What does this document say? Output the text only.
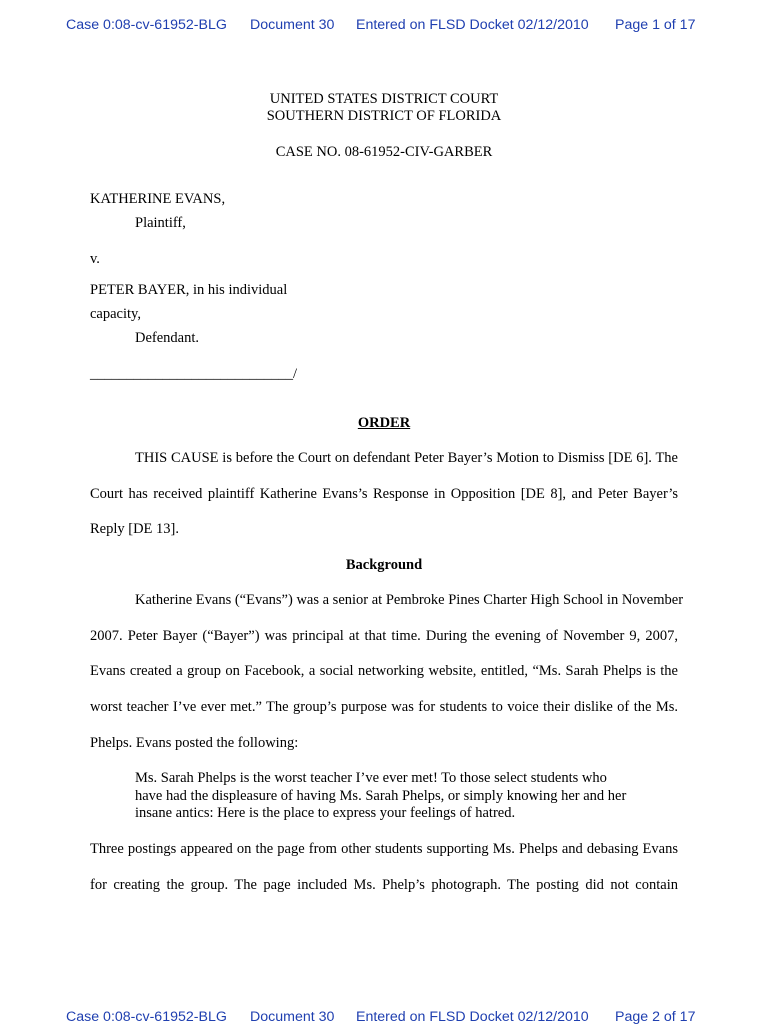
Case 0:08-cv-61952-BLG	Document 30	Entered on FLSD Docket 02/12/2010	Page 1 of 17
UNITED STATES DISTRICT COURT
SOUTHERN DISTRICT OF FLORIDA
CASE NO. 08-61952-CIV-GARBER
KATHERINE EVANS,
Plaintiff,
v.
PETER BAYER, in his individual
capacity,
Defendant.
____________________________/
ORDER
THIS CAUSE is before the Court on defendant Peter Bayer’s Motion to Dismiss [DE 6]. The
Court has received plaintiff Katherine Evans’s Response in Opposition [DE 8], and Peter Bayer’s
Reply [DE 13].
Background
Katherine Evans (“Evans”) was a senior at Pembroke Pines Charter High School in November
2007. Peter Bayer (“Bayer”) was principal at that time. During the evening of November 9, 2007,
Evans created a group on Facebook, a social networking website, entitled, “Ms. Sarah Phelps is the
worst teacher I’ve ever met.” The group’s purpose was for students to voice their dislike of the Ms.
Phelps. Evans posted the following:
Ms. Sarah Phelps is the worst teacher I’ve ever met! To those select students who
have had the displeasure of having Ms. Sarah Phelps, or simply knowing her and her
insane antics: Here is the place to express your feelings of hatred.
Three postings appeared on the page from other students supporting Ms. Phelps and debasing Evans
for creating the group. The page included Ms. Phelp’s photograph. The posting did not contain
Case 0:08-cv-61952-BLG	Document 30	Entered on FLSD Docket 02/12/2010	Page 2 of 17
